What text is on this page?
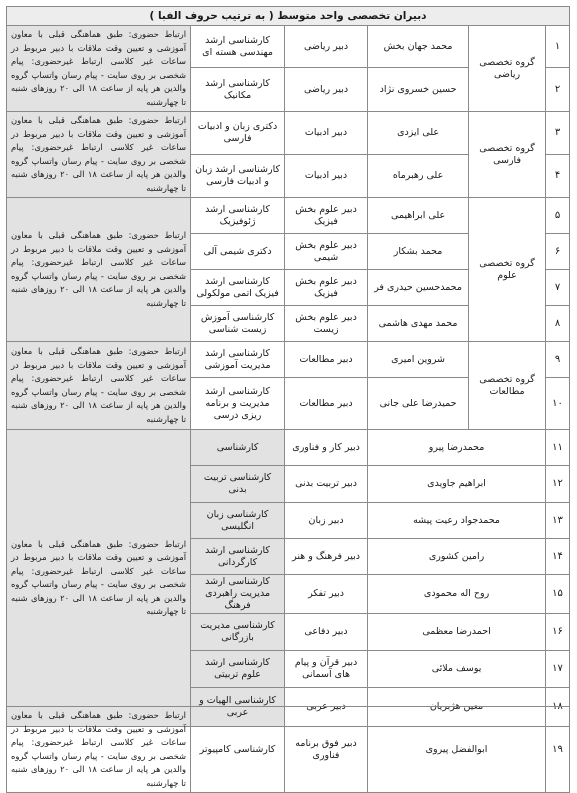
دبیران تخصصی واحد متوسط ( به ترتیب حروف الفبا )					
۱	گروه تخصصی ریاضی	محمد جهان بخش	دبیر ریاضی	کارشناسی ارشد مهندسی هسته ای	ارتباط حضوری: طبق هماهنگی قبلی با معاون آموزشی و تعیین وقت ملاقات با دبیر مربوط در ساعات غیر کلاسی ارتباط غیرحضوری: پیام شخصی بر روی سایت - پیام رسان واتساپ گروه والدین هر پایه از ساعت ۱۸ الی ۲۰ روزهای شنبه تا چهارشنبه
۲		حسین خسروی نژاد	دبیر ریاضی	کارشناسی ارشد مکانیک	
۳	گروه تخصصی فارسی	علی ایزدی	دبیر ادبیات	دکتری زبان و ادبیات فارسی	ارتباط حضوری: طبق هماهنگی قبلی با معاون آموزشی و تعیین وقت ملاقات با دبیر مربوط در ساعات غیر کلاسی ارتباط غیرحضوری: پیام شخصی بر روی سایت - پیام رسان واتساپ گروه والدین هر پایه از ساعت ۱۸ الی ۲۰ روزهای شنبه تا چهارشنبه
۴		علی رهبرماه	دبیر ادبیات	کارشناسی ارشد زبان و ادبیات فارسی	
۵	گروه تخصصی علوم	علی ابراهیمی	دبیر علوم بخش فیزیک	کارشناسی ارشد ژئوفیزیک	ارتباط حضوری: طبق هماهنگی قبلی با معاون آموزشی و تعیین وقت ملاقات با دبیر مربوط در ساعات غیر کلاسی ارتباط غیرحضوری: پیام شخصی بر روی سایت - پیام رسان واتساپ گروه والدین هر پایه از ساعت ۱۸ الی ۲۰ روزهای شنبه تا چهارشنبه
۶		محمد بشکار	دبیر علوم بخش شیمی	دکتری شیمی آلی	
۷		محمدحسین حیدری فر	دبیر علوم بخش فیزیک	کارشناسی ارشد فیزیک اتمی مولکولی	
۸		محمد مهدی هاشمی	دبیر علوم بخش زیست	کارشناسی آموزش زیست شناسی	
۹	گروه تخصصی مطالعات	شروین امیری	دبیر مطالعات	کارشناسی ارشد مدیریت آموزشی	ارتباط حضوری: طبق هماهنگی قبلی با معاون آموزشی و تعیین وقت ملاقات با دبیر مربوط در ساعات غیر کلاسی ارتباط غیرحضوری: پیام شخصی بر روی سایت - پیام رسان واتساپ گروه والدین هر پایه از ساعت ۱۸ الی ۲۰ روزهای شنبه تا چهارشنبه
۱۰		حمیدرضا علی جانی	دبیر مطالعات	کارشناسی ارشد مدیریت و برنامه ریزی درسی	
۱۱	محمدرضا پیرو		دبیر کار و فناوری	کارشناسی	ارتباط حضوری: طبق هماهنگی قبلی با معاون آموزشی و تعیین وقت ملاقات با دبیر مربوط در ساعات غیر کلاسی ارتباط غیرحضوری: پیام شخصی بر روی سایت - پیام رسان واتساپ گروه والدین هر پایه از ساعت ۱۸ الی ۲۰ روزهای شنبه تا چهارشنبه
۱۲	ابراهیم جاویدی		دبیر تربیت بدنی	کارشناسی تربیت بدنی	
۱۳	محمدجواد رعیت پیشه		دبیر زبان	کارشناسی زبان انگلیسی	
۱۴	رامین کشوری		دبیر فرهنگ و هنر	کارشناسی ارشد کارگردانی	
۱۵	روح اله محمودی		دبیر تفکر	کارشناسی ارشد مدیریت راهبردی فرهنگ	
۱۶	احمدرضا معظمی		دبیر دفاعی	کارشناسی مدیریت بازرگانی	
۱۷	یوسف ملائی		دبیر قرآن و پیام های آسمانی	کارشناسی ارشد علوم تربیتی	
۱۸	معین هژبریان		دبیر عربی	کارشناسی الهیات و عربی	
۱۹	ابوالفضل پیروی	دبیر فوق برنامه فناوری	کارشناسی کامپیوتر	ارتباط حضوری: طبق هماهنگی قبلی با معاون آموزشی و تعیین وقت ملاقات با دبیر مربوط در ساعات غیر کلاسی ارتباط غیرحضوری: پیام شخصی بر روی سایت - پیام رسان واتساپ گروه والدین هر پایه از ساعت ۱۸ الی ۲۰ روزهای شنبه تا چهارشنبه
